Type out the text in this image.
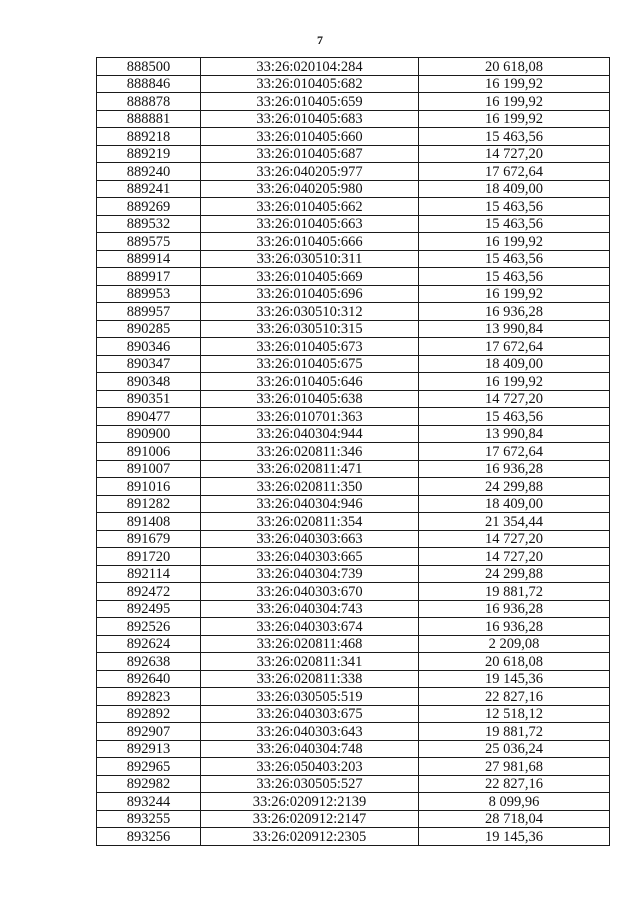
7
888500	33:26:020104:284	20 618,08
888846	33:26:010405:682	16 199,92
888878	33:26:010405:659	16 199,92
888881	33:26:010405:683	16 199,92
889218	33:26:010405:660	15 463,56
889219	33:26:010405:687	14 727,20
889240	33:26:040205:977	17 672,64
889241	33:26:040205:980	18 409,00
889269	33:26:010405:662	15 463,56
889532	33:26:010405:663	15 463,56
889575	33:26:010405:666	16 199,92
889914	33:26:030510:311	15 463,56
889917	33:26:010405:669	15 463,56
889953	33:26:010405:696	16 199,92
889957	33:26:030510:312	16 936,28
890285	33:26:030510:315	13 990,84
890346	33:26:010405:673	17 672,64
890347	33:26:010405:675	18 409,00
890348	33:26:010405:646	16 199,92
890351	33:26:010405:638	14 727,20
890477	33:26:010701:363	15 463,56
890900	33:26:040304:944	13 990,84
891006	33:26:020811:346	17 672,64
891007	33:26:020811:471	16 936,28
891016	33:26:020811:350	24 299,88
891282	33:26:040304:946	18 409,00
891408	33:26:020811:354	21 354,44
891679	33:26:040303:663	14 727,20
891720	33:26:040303:665	14 727,20
892114	33:26:040304:739	24 299,88
892472	33:26:040303:670	19 881,72
892495	33:26:040304:743	16 936,28
892526	33:26:040303:674	16 936,28
892624	33:26:020811:468	2 209,08
892638	33:26:020811:341	20 618,08
892640	33:26:020811:338	19 145,36
892823	33:26:030505:519	22 827,16
892892	33:26:040303:675	12 518,12
892907	33:26:040303:643	19 881,72
892913	33:26:040304:748	25 036,24
892965	33:26:050403:203	27 981,68
892982	33:26:030505:527	22 827,16
893244	33:26:020912:2139	8 099,96
893255	33:26:020912:2147	28 718,04
893256	33:26:020912:2305	19 145,36
